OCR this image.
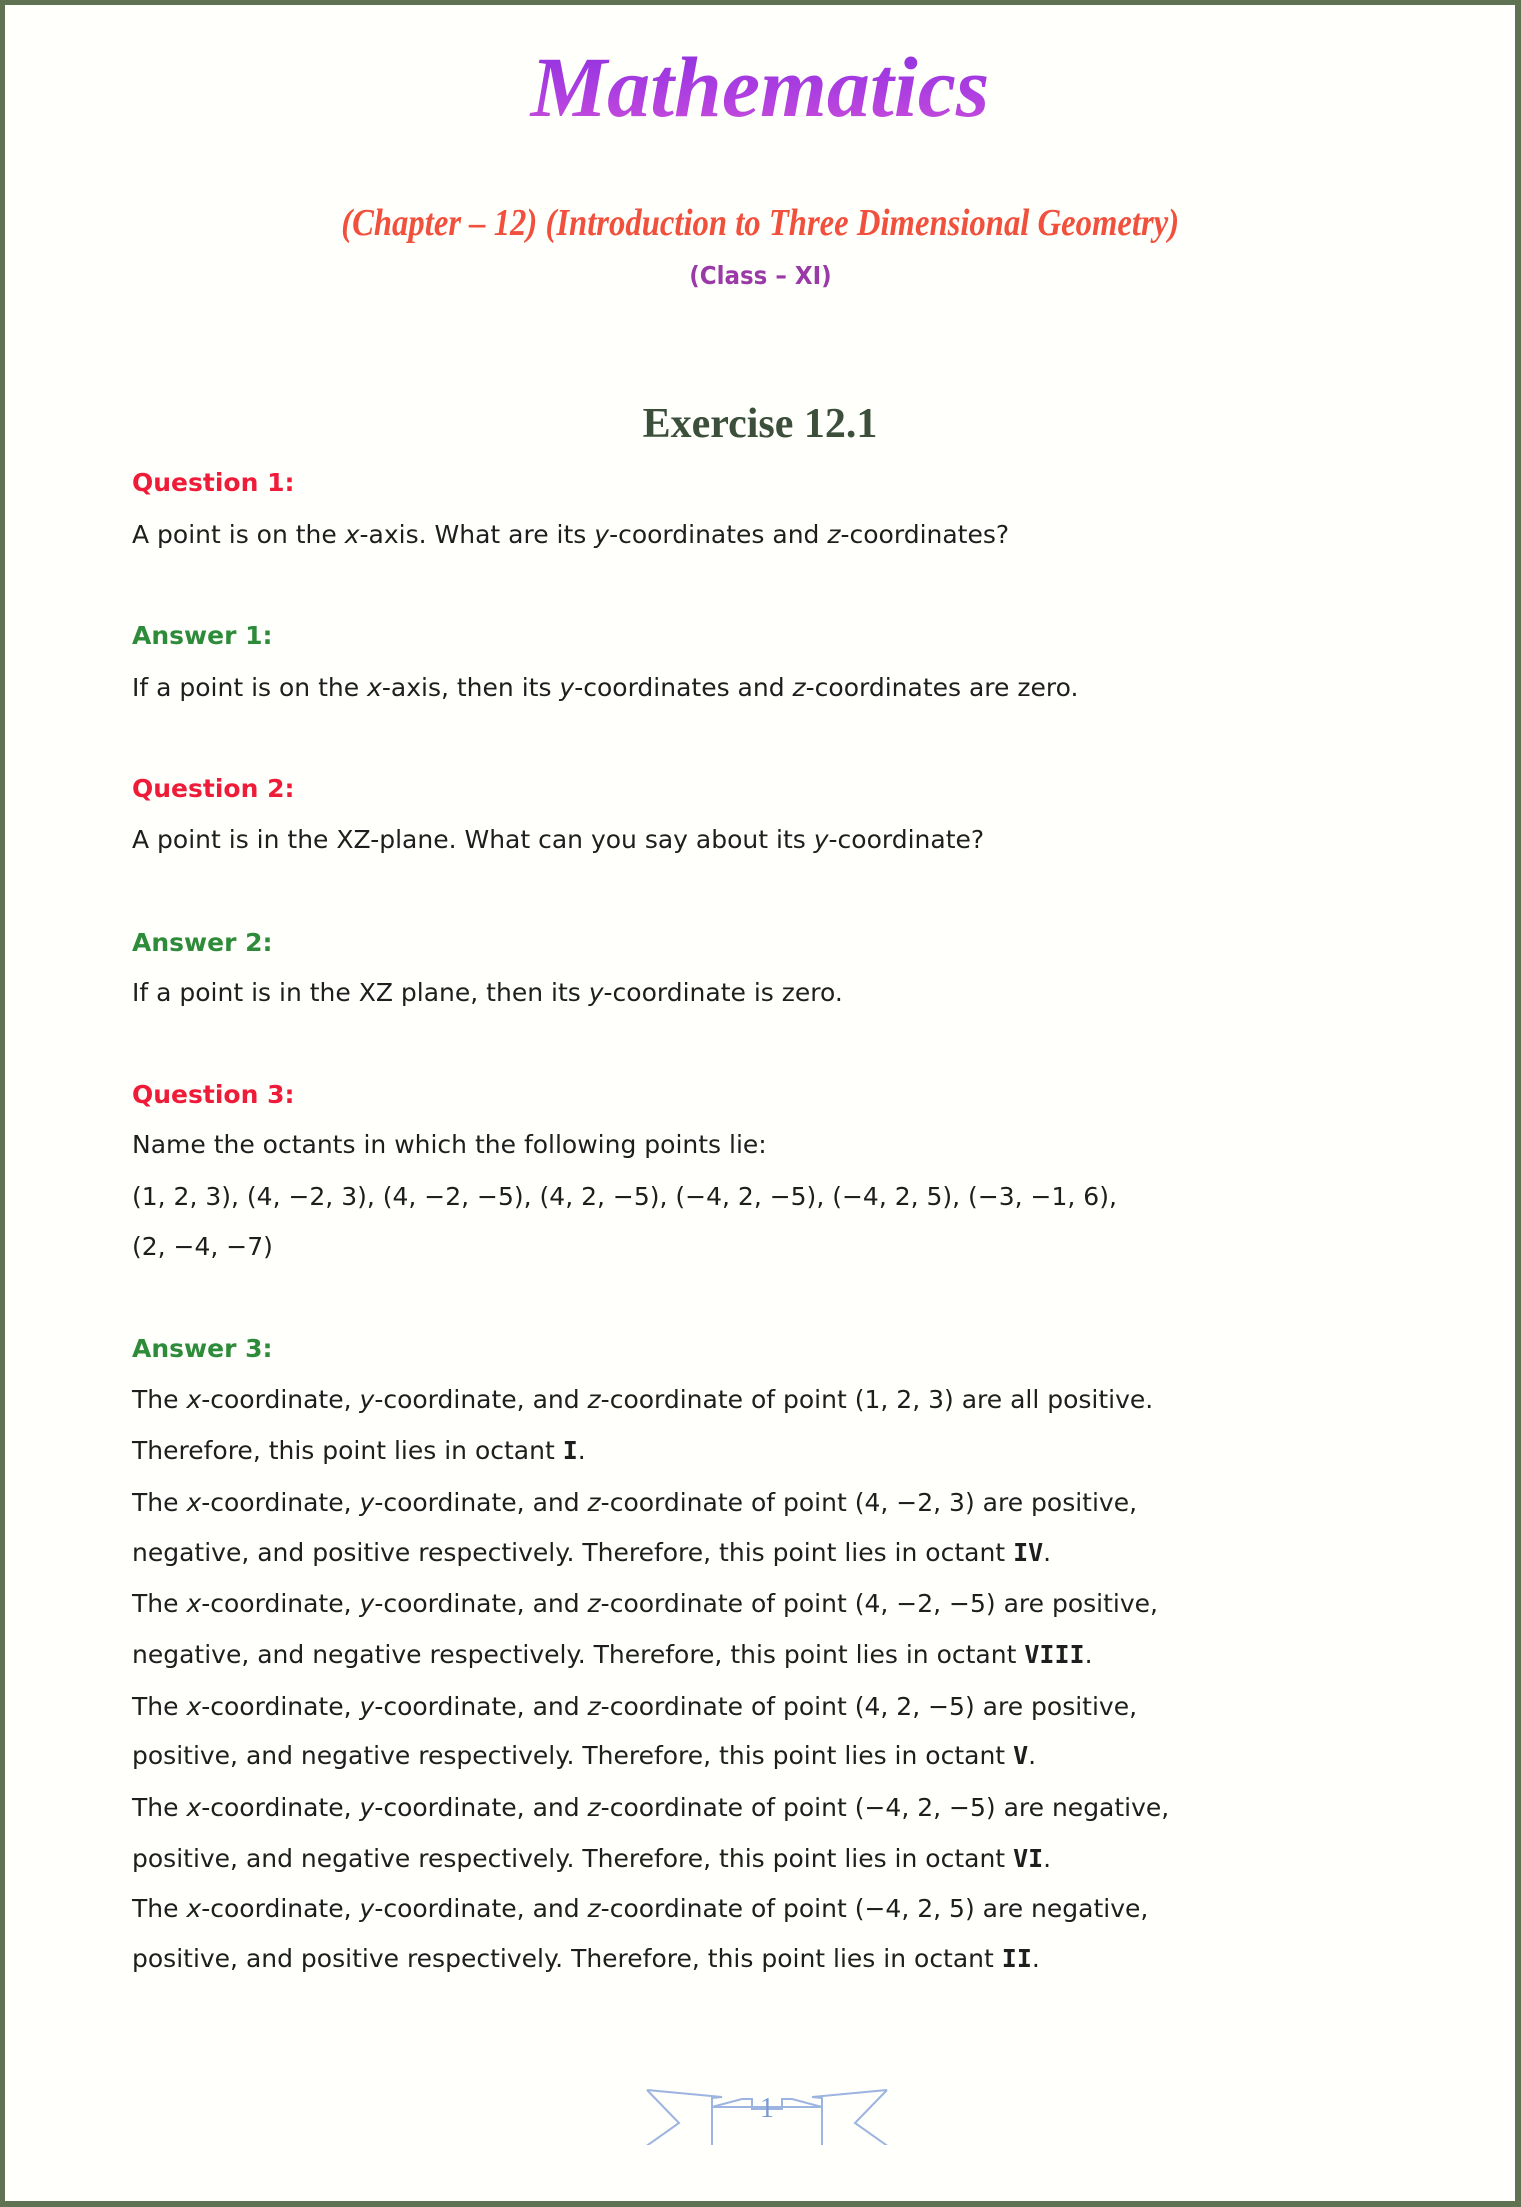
Mathematics
(Chapter – 12) (Introduction to Three Dimensional Geometry)
(Class – XI)
Exercise 12.1
Question 1:
A point is on the x-axis. What are its y-coordinates and z-coordinates?
Answer 1:
If a point is on the x-axis, then its y-coordinates and z-coordinates are zero.
Question 2:
A point is in the XZ-plane. What can you say about its y-coordinate?
Answer 2:
If a point is in the XZ plane, then its y-coordinate is zero.
Question 3:
Name the octants in which the following points lie:
(1, 2, 3), (4, −2, 3), (4, −2, −5), (4, 2, −5), (−4, 2, −5), (−4, 2, 5), (−3, −1, 6),
(2, −4, −7)
Answer 3:
The x-coordinate, y-coordinate, and z-coordinate of point (1, 2, 3) are all positive.
Therefore, this point lies in octant I.
The x-coordinate, y-coordinate, and z-coordinate of point (4, −2, 3) are positive,
negative, and positive respectively. Therefore, this point lies in octant IV.
The x-coordinate, y-coordinate, and z-coordinate of point (4, −2, −5) are positive,
negative, and negative respectively. Therefore, this point lies in octant VIII.
The x-coordinate, y-coordinate, and z-coordinate of point (4, 2, −5) are positive,
positive, and negative respectively. Therefore, this point lies in octant V.
The x-coordinate, y-coordinate, and z-coordinate of point (−4, 2, −5) are negative,
positive, and negative respectively. Therefore, this point lies in octant VI.
The x-coordinate, y-coordinate, and z-coordinate of point (−4, 2, 5) are negative,
positive, and positive respectively. Therefore, this point lies in octant II.
1
